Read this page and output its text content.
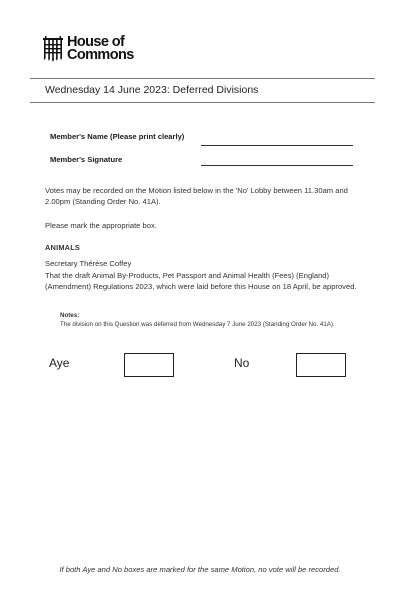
House of
Commons
Wednesday 14 June 2023: Deferred Divisions
Member's Name (Please print clearly)
Member's Signature
Votes may be recorded on the Motion listed below in the 'No' Lobby between 11.30am and 2.00pm (Standing Order No. 41A).
Please mark the appropriate box.
ANIMALS
Secretary Thérèse Coffey
That the draft Animal By-Products, Pet Passport and Animal Health (Fees) (England) (Amendment) Regulations 2023, which were laid before this House on 18 April, be approved.
Notes:
The division on this Question was deferred from Wednesday 7 June 2023 (Standing Order No. 41A).
Aye	No
If both Aye and No boxes are marked for the same Motion, no vote will be recorded.
